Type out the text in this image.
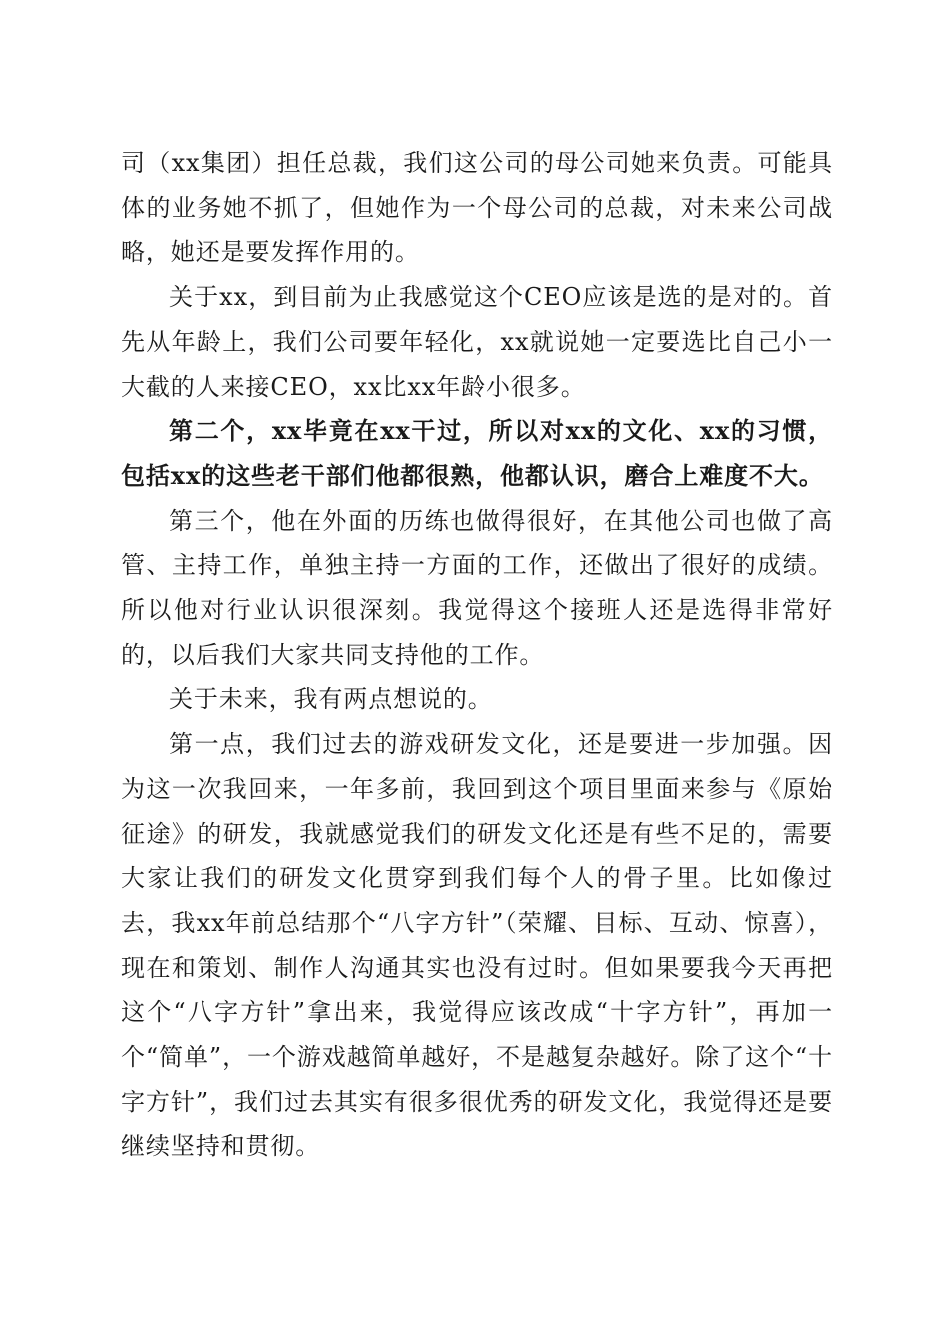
司（xx集团）担任总裁，我们这公司的母公司她来负责。可能具体的业务她不抓了，但她作为一个母公司的总裁，对未来公司战略，她还是要发挥作用的。

关于xx，到目前为止我感觉这个CEO应该是选的是对的。首先从年龄上，我们公司要年轻化，xx就说她一定要选比自己小一大截的人来接CEO，xx比xx年龄小很多。

第二个，xx毕竟在xx干过，所以对xx的文化、xx的习惯，包括xx的这些老干部们他都很熟，他都认识，磨合上难度不大。

第三个，他在外面的历练也做得很好，在其他公司也做了高管、主持工作，单独主持一方面的工作，还做出了很好的成绩。所以他对行业认识很深刻。我觉得这个接班人还是选得非常好的，以后我们大家共同支持他的工作。

关于未来，我有两点想说的。

第一点，我们过去的游戏研发文化，还是要进一步加强。因为这一次我回来，一年多前，我回到这个项目里面来参与《原始征途》的研发，我就感觉我们的研发文化还是有些不足的，需要大家让我们的研发文化贯穿到我们每个人的骨子里。比如像过去，我xx年前总结那个“八字方针”（荣耀、目标、互动、惊喜），现在和策划、制作人沟通其实也没有过时。但如果要我今天再把这个“八字方针”拿出来，我觉得应该改成“十字方针”，再加一个“简单”，一个游戏越简单越好，不是越复杂越好。除了这个“十字方针”，我们过去其实有很多很优秀的研发文化，我觉得还是要继续坚持和贯彻。
